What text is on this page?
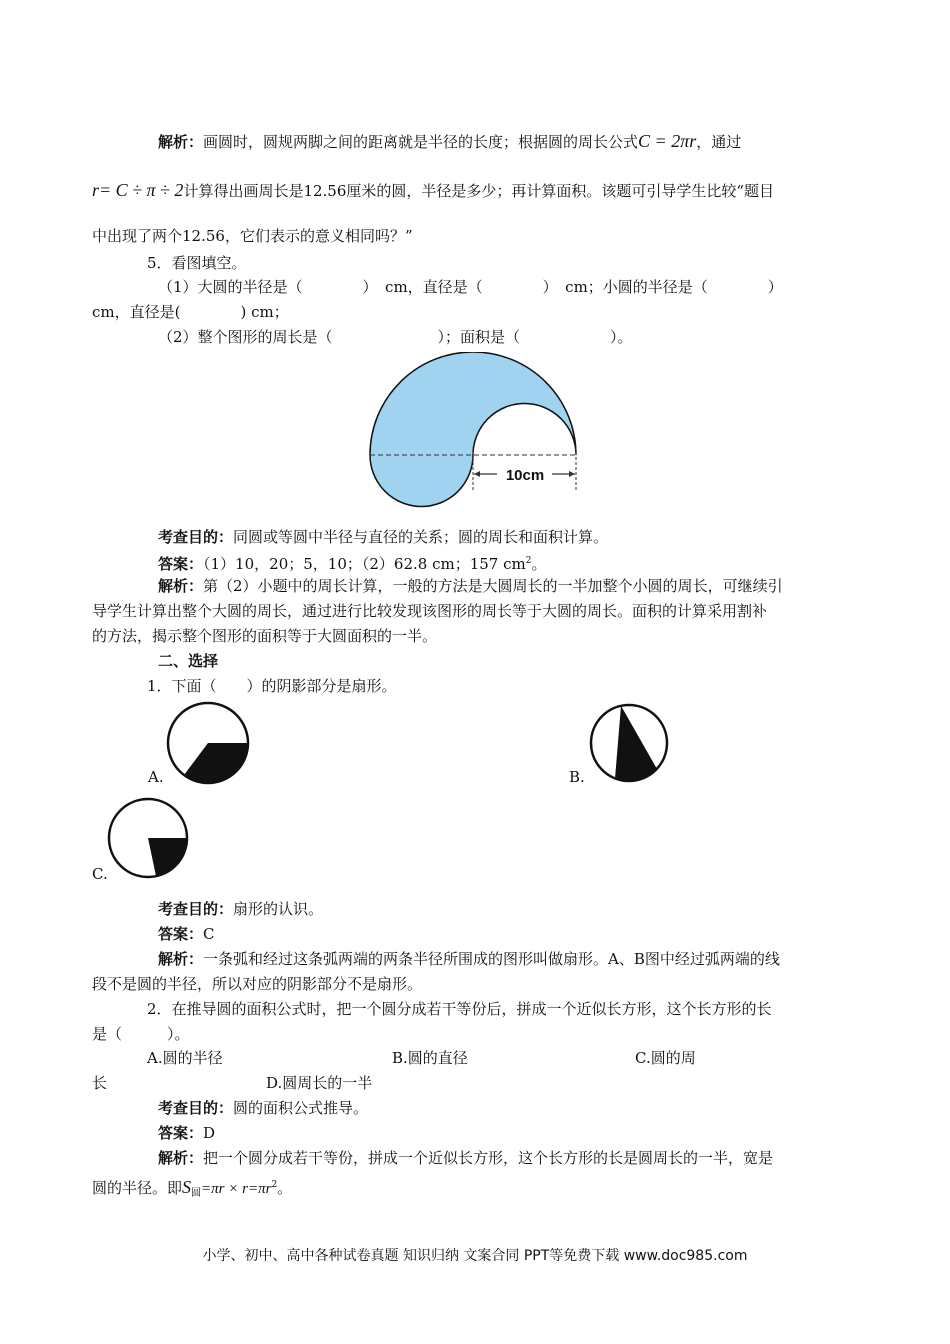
解析：画圆时，圆规两脚之间的距离就是半径的长度；根据圆的周长公式C = 2πr，通过
r= C ÷ π ÷ 2计算得出画周长是12.56厘米的圆，半径是多少；再计算面积。该题可引导学生比较“题目
中出现了两个12.56，它们表示的意义相同吗？”
5．看图填空。
（1）大圆的半径是（　　　　）　cm，直径是（　　　　）　cm；小圆的半径是（　　　　）
cm，直径是(　　　　) cm；
（2）整个图形的周长是（　　　　　　　）；面积是（　　　　　　）。
10cm
考查目的：同圆或等圆中半径与直径的关系；圆的周长和面积计算。
答案：（1）10，20；5，10；（2）62.8 cm；157 $cm^2$。
解析：第（2）小题中的周长计算，一般的方法是大圆周长的一半加整个小圆的周长，可继续引
导学生计算出整个大圆的周长，通过进行比较发现该图形的周长等于大圆的周长。面积的计算采用割补
的方法，揭示整个图形的面积等于大圆面积的一半。
二、选择
1．下面（　　）的阴影部分是扇形。
A.	B.
C.
考查目的：扇形的认识。
答案：C
解析：一条弧和经过这条弧两端的两条半径所围成的图形叫做扇形。A、B图中经过弧两端的线
段不是圆的半径，所以对应的阴影部分不是扇形。
2．在推导圆的面积公式时，把一个圆分成若干等份后，拼成一个近似长方形，这个长方形的长
是（　　　）。
A.圆的半径	B.圆的直径	C.圆的周
长	D.圆周长的一半
考查目的：圆的面积公式推导。
答案：D
解析：把一个圆分成若干等份，拼成一个近似长方形，这个长方形的长是圆周长的一半，宽是
圆的半径。即$S_圆=\pi r \times r=\pi r^2$。
小学、初中、高中各种试卷真题 知识归纳 文案合同 PPT等免费下载 www.doc985.com
